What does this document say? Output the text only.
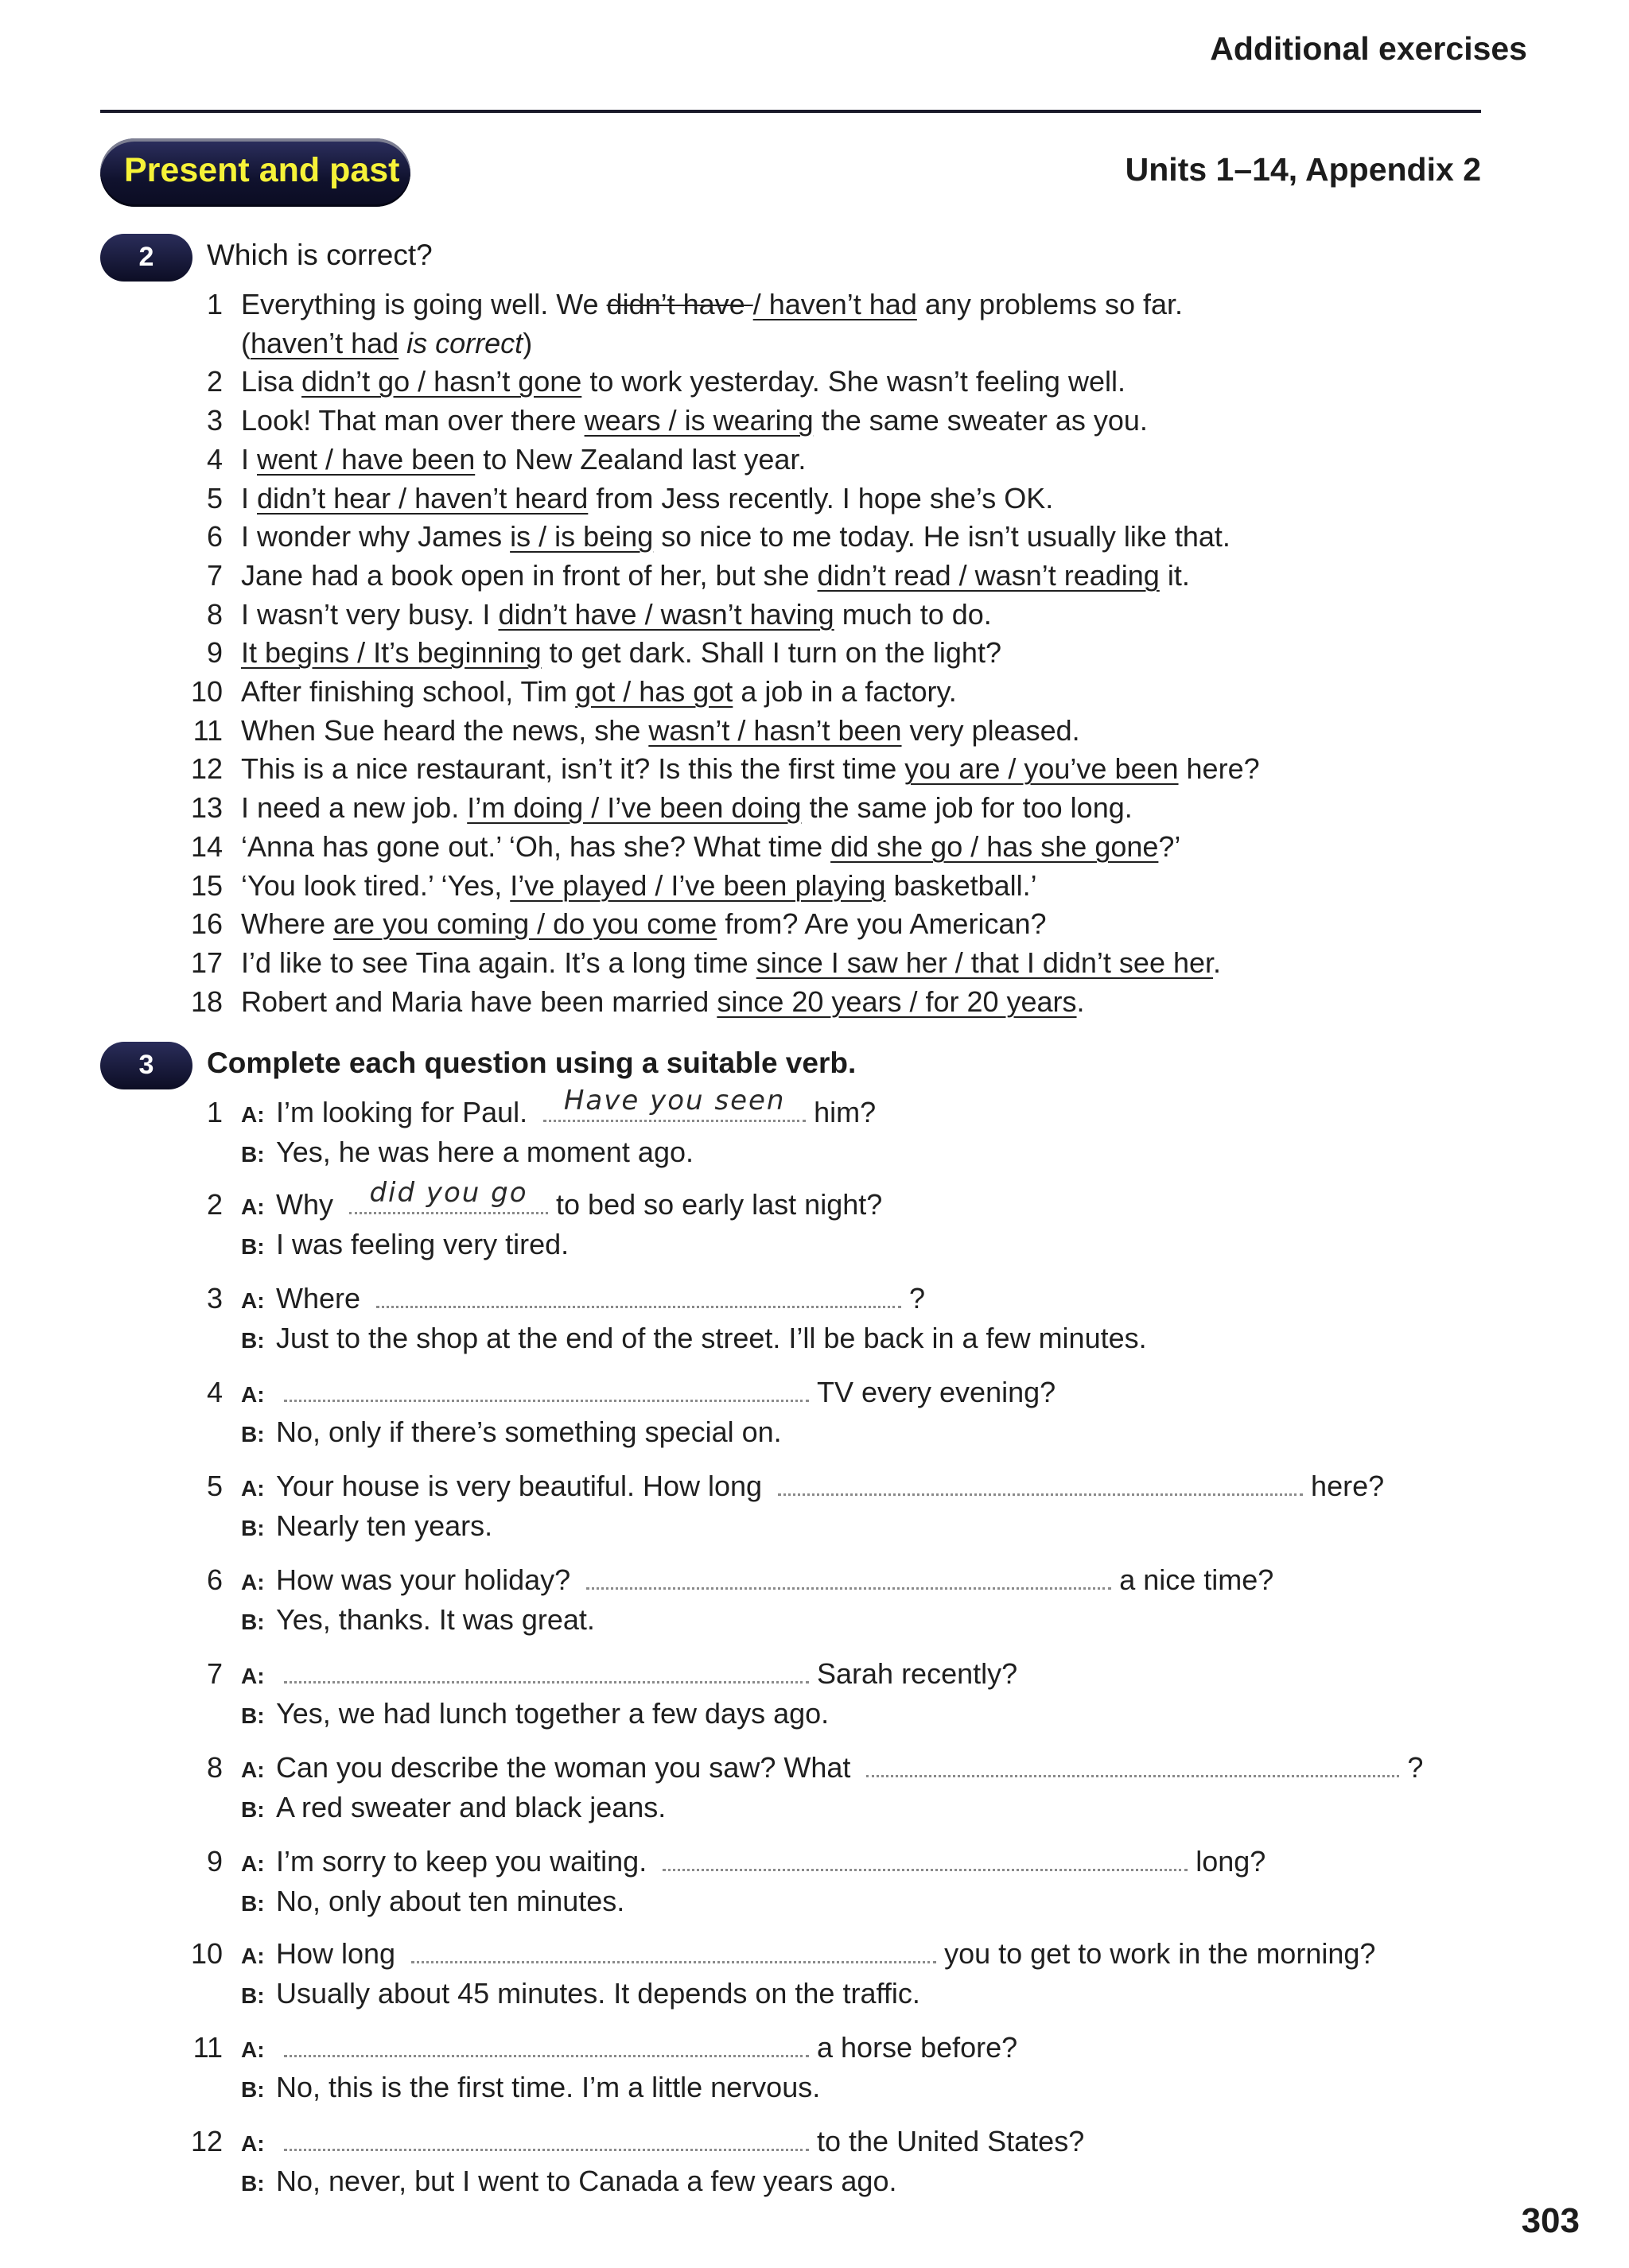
Additional exercises
Present and past	Units 1–14, Appendix 2
2	Which is correct?
1 Everything is going well. We didn’t have / haven’t had any problems so far.
(haven’t had is correct)
2 Lisa didn’t go / hasn’t gone to work yesterday. She wasn’t feeling well.
3 Look! That man over there wears / is wearing the same sweater as you.
4 I went / have been to New Zealand last year.
5 I didn’t hear / haven’t heard from Jess recently. I hope she’s OK.
6 I wonder why James is / is being so nice to me today. He isn’t usually like that.
7 Jane had a book open in front of her, but she didn’t read / wasn’t reading it.
8 I wasn’t very busy. I didn’t have / wasn’t having much to do.
9 It begins / It’s beginning to get dark. Shall I turn on the light?
10 After finishing school, Tim got / has got a job in a factory.
11 When Sue heard the news, she wasn’t / hasn’t been very pleased.
12 This is a nice restaurant, isn’t it? Is this the first time you are / you’ve been here?
13 I need a new job. I’m doing / I’ve been doing the same job for too long.
14 ‘Anna has gone out.’ ‘Oh, has she? What time did she go / has she gone?’
15 ‘You look tired.’ ‘Yes, I’ve played / I’ve been playing basketball.’
16 Where are you coming / do you come from? Are you American?
17 I’d like to see Tina again. It’s a long time since I saw her / that I didn’t see her.
18 Robert and Maria have been married since 20 years / for 20 years.
3	Complete each question using a suitable verb.
1 A: I’m looking for Paul.	Have you seen him?
B: Yes, he was here a moment ago.
2 A: Why	did you go to bed so early last night?
B: I was feeling very tired.
3 A: Where	?
B: Just to the shop at the end of the street. I’ll be back in a few minutes.
4 A:	TV every evening?
B: No, only if there’s something special on.
5 A: Your house is very beautiful. How long	here?
B: Nearly ten years.
6 A: How was your holiday?	a nice time?
B: Yes, thanks. It was great.
7 A:	Sarah recently?
B: Yes, we had lunch together a few days ago.
8 A: Can you describe the woman you saw? What	?
B: A red sweater and black jeans.
9 A: I’m sorry to keep you waiting.	long?
B: No, only about ten minutes.
10 A: How long	you to get to work in the morning?
B: Usually about 45 minutes. It depends on the traffic.
11 A:	a horse before?
B: No, this is the first time. I’m a little nervous.
12 A:	to the United States?
B: No, never, but I went to Canada a few years ago.
303
